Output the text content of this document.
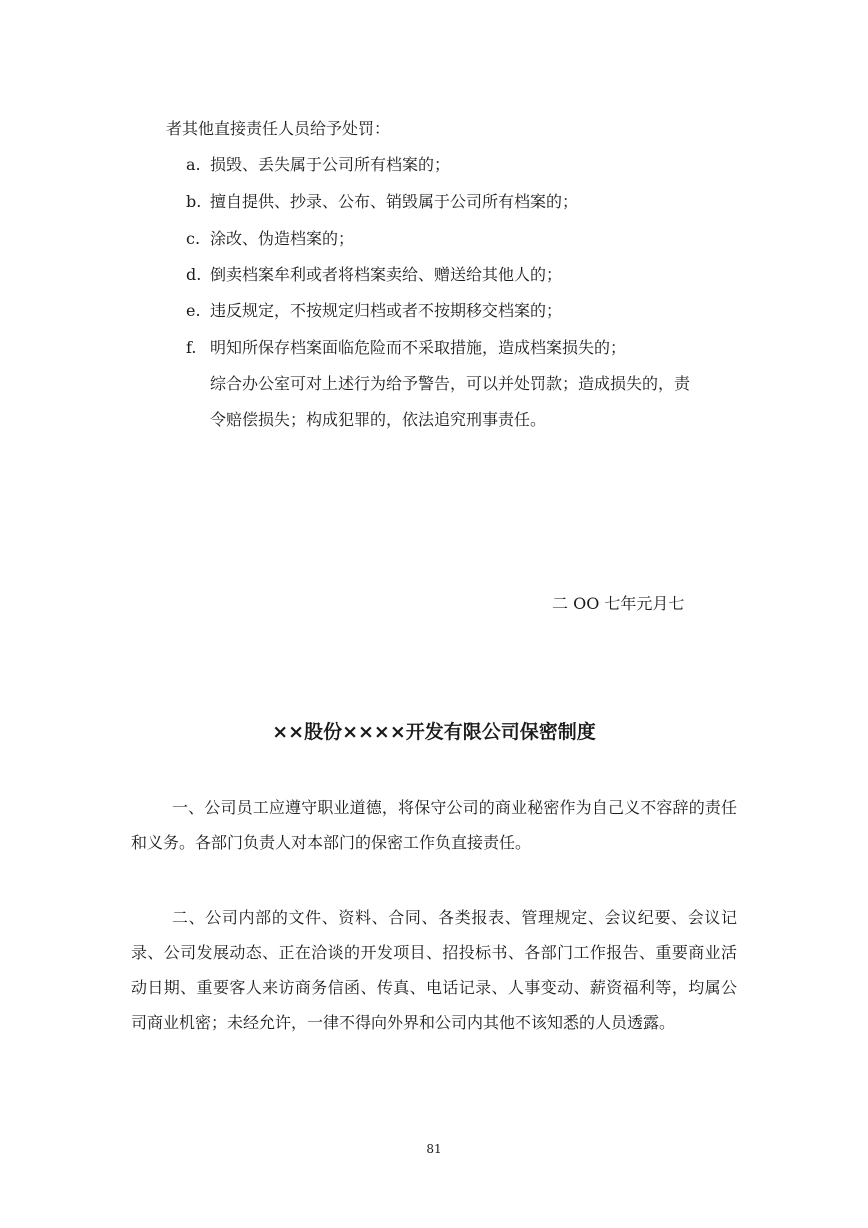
者其他直接责任人员给予处罚：
a. 损毁、丢失属于公司所有档案的；
b. 擅自提供、抄录、公布、销毁属于公司所有档案的；
c. 涂改、伪造档案的；
d. 倒卖档案牟利或者将档案卖给、赠送给其他人的；
e. 违反规定，不按规定归档或者不按期移交档案的；
f. 明知所保存档案面临危险而不采取措施，造成档案损失的；
综合办公室可对上述行为给予警告，可以并处罚款；造成损失的，责
令赔偿损失；构成犯罪的，依法追究刑事责任。
二 OO 七年元月七
××股份××××开发有限公司保密制度

一、公司员工应遵守职业道德，将保守公司的商业秘密作为自己义不容辞的责任和义务。各部门负责人对本部门的保密工作负直接责任。

二、公司内部的文件、资料、合同、各类报表、管理规定、会议纪要、会议记录、公司发展动态、正在洽谈的开发项目、招投标书、各部门工作报告、重要商业活动日期、重要客人来访商务信函、传真、电话记录、人事变动、薪资福利等，均属公司商业机密；未经允许，一律不得向外界和公司内其他不该知悉的人员透露。

81
